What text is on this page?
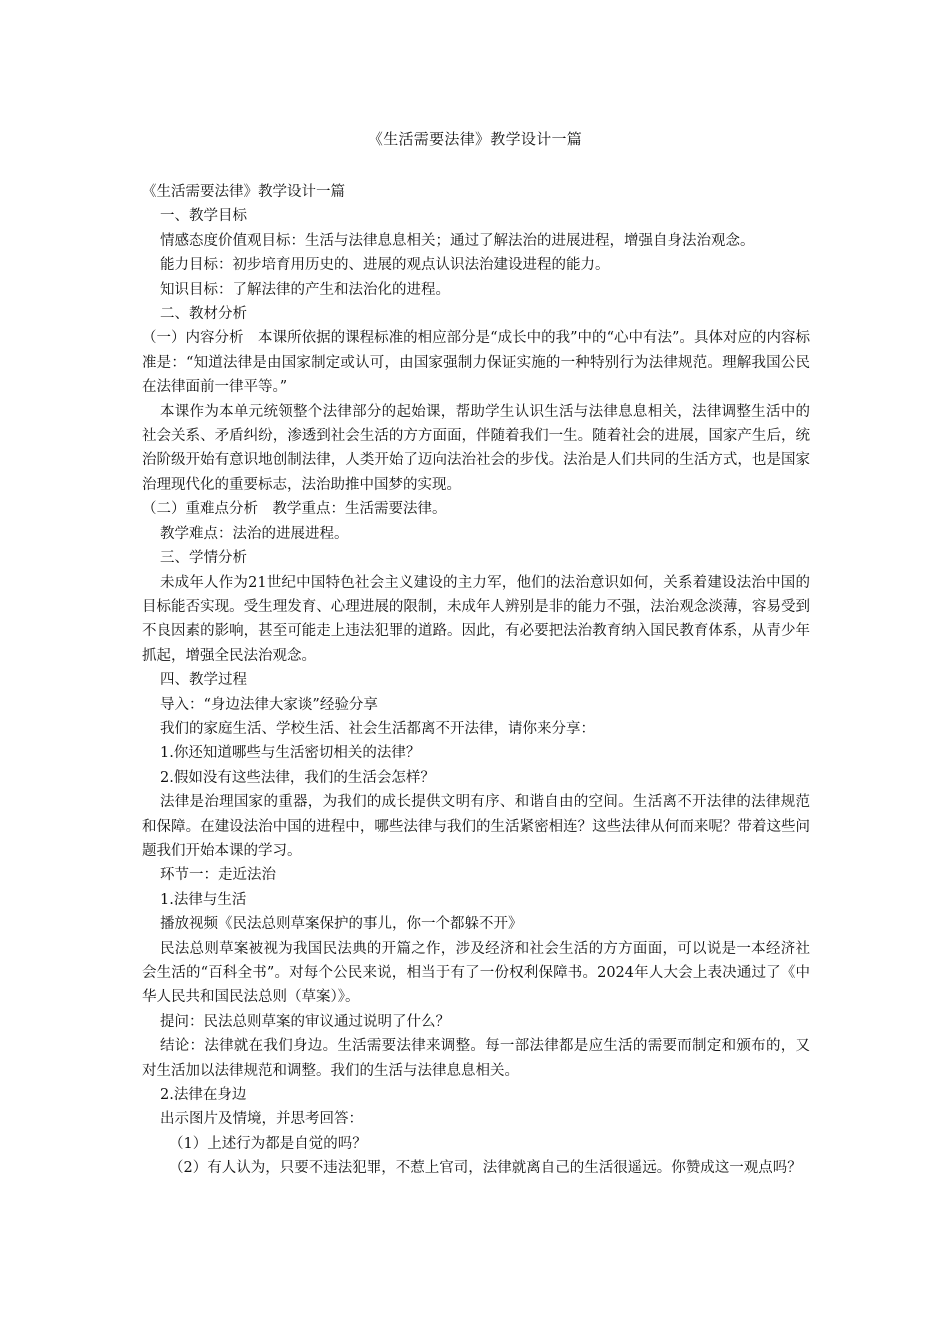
《生活需要法律》教学设计一篇

《生活需要法律》教学设计一篇

一、教学目标

情感态度价值观目标：生活与法律息息相关；通过了解法治的进展进程，增强自身法治观念。

能力目标：初步培育用历史的、进展的观点认识法治建设进程的能力。

知识目标：了解法律的产生和法治化的进程。

二、教材分析

（一）内容分析　本课所依据的课程标准的相应部分是“成长中的我”中的“心中有法”。具体对应的内容标准是：“知道法律是由国家制定或认可，由国家强制力保证实施的一种特别行为法律规范。理解我国公民在法律面前一律平等。”

本课作为本单元统领整个法律部分的起始课，帮助学生认识生活与法律息息相关，法律调整生活中的社会关系、矛盾纠纷，渗透到社会生活的方方面面，伴随着我们一生。随着社会的进展，国家产生后，统治阶级开始有意识地创制法律，人类开始了迈向法治社会的步伐。法治是人们共同的生活方式，也是国家治理现代化的重要标志，法治助推中国梦的实现。

（二）重难点分析　教学重点：生活需要法律。

教学难点：法治的进展进程。

三、学情分析

未成年人作为21世纪中国特色社会主义建设的主力军，他们的法治意识如何，关系着建设法治中国的目标能否实现。受生理发育、心理进展的限制，未成年人辨别是非的能力不强，法治观念淡薄，容易受到不良因素的影响，甚至可能走上违法犯罪的道路。因此，有必要把法治教育纳入国民教育体系，从青少年抓起，增强全民法治观念。

四、教学过程

导入：“身边法律大家谈”经验分享

我们的家庭生活、学校生活、社会生活都离不开法律，请你来分享：

1.你还知道哪些与生活密切相关的法律？

2.假如没有这些法律，我们的生活会怎样？

法律是治理国家的重器，为我们的成长提供文明有序、和谐自由的空间。生活离不开法律的法律规范和保障。在建设法治中国的进程中，哪些法律与我们的生活紧密相连？这些法律从何而来呢？带着这些问题我们开始本课的学习。

环节一：走近法治

1.法律与生活

播放视频《民法总则草案保护的事儿，你一个都躲不开》

民法总则草案被视为我国民法典的开篇之作，涉及经济和社会生活的方方面面，可以说是一本经济社会生活的“百科全书”。对每个公民来说，相当于有了一份权利保障书。2024年人大会上表决通过了《中华人民共和国民法总则（草案）》。

提问：民法总则草案的审议通过说明了什么？

结论：法律就在我们身边。生活需要法律来调整。每一部法律都是应生活的需要而制定和颁布的，又对生活加以法律规范和调整。我们的生活与法律息息相关。

2.法律在身边

出示图片及情境，并思考回答：

（1）上述行为都是自觉的吗？

（2）有人认为，只要不违法犯罪，不惹上官司，法律就离自己的生活很遥远。你赞成这一观点吗？
